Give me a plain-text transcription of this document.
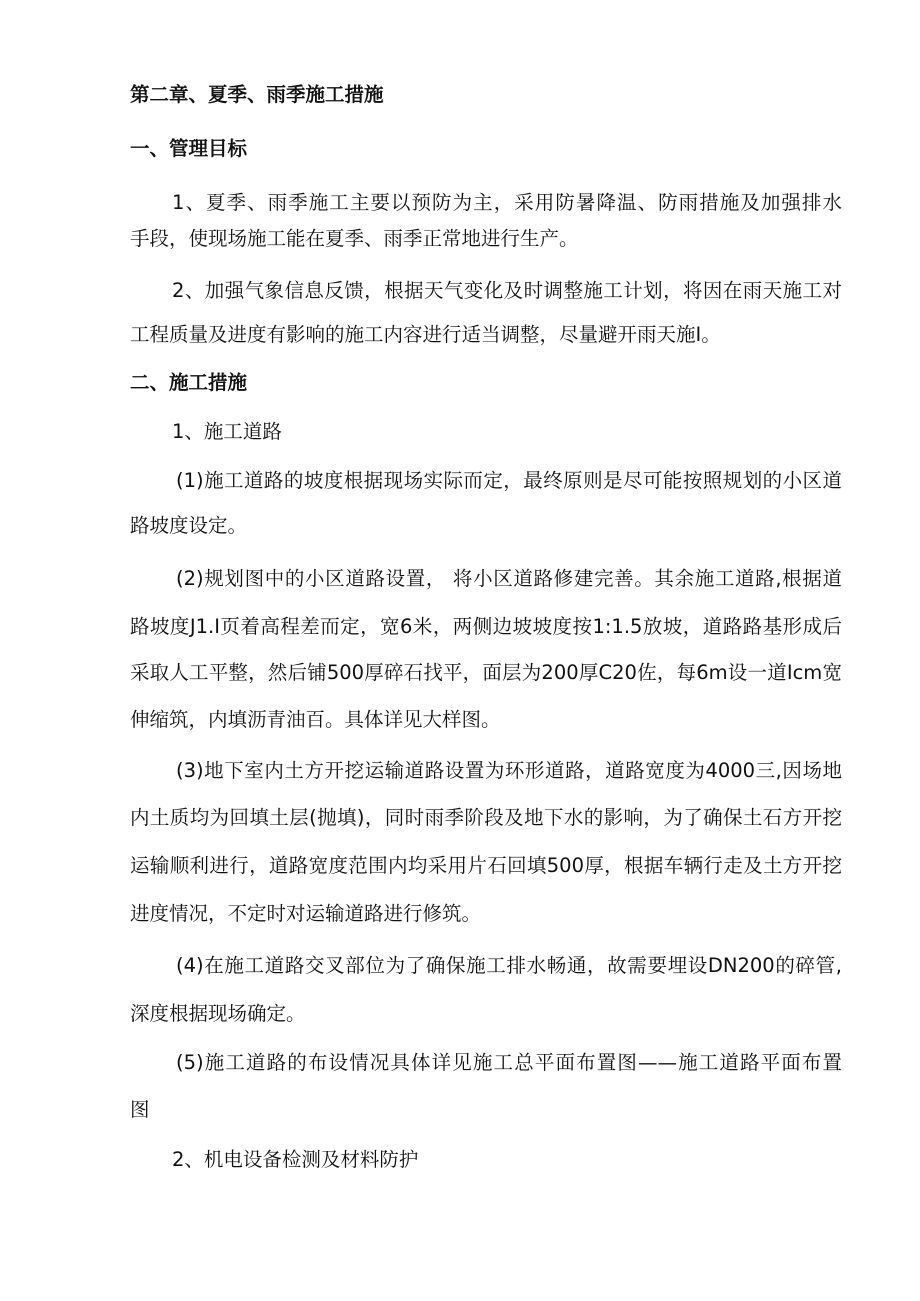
第二章、夏季、雨季施工措施

一、管理目标

1、夏季、雨季施工主要以预防为主，采用防暑降温、防雨措施及加强排水

手段，使现场施工能在夏季、雨季正常地进行生产。

2、加强气象信息反馈，根据天气变化及时调整施工计划，将因在雨天施工对

工程质量及进度有影响的施工内容进行适当调整，尽量避开雨天施I。

二、施工措施

1、施工道路

(1)施工道路的坡度根据现场实际而定，最终原则是尽可能按照规划的小区道

路坡度设定。

(2)规划图中的小区道路设置， 将小区道路修建完善。其余施工道路,根据道

路坡度J1.I页着高程差而定，宽6米，两侧边坡坡度按1:1.5放坡，道路路基形成后

采取人工平整，然后铺500厚碎石找平，面层为200厚C20佐，每6m设一道Icm宽

伸缩筑，内填沥青油百。具体详见大样图。

(3)地下室内土方开挖运输道路设置为环形道路，道路宽度为4000三,因场地

内土质均为回填土层(抛填)，同时雨季阶段及地下水的影响，为了确保土石方开挖

运输顺利进行，道路宽度范围内均采用片石回填500厚，根据车辆行走及土方开挖

进度情况，不定时对运输道路进行修筑。

(4)在施工道路交叉部位为了确保施工排水畅通，故需要埋设DN200的碎管,

深度根据现场确定。

(5)施工道路的布设情况具体详见施工总平面布置图——施工道路平面布置

图

2、机电设备检测及材料防护
